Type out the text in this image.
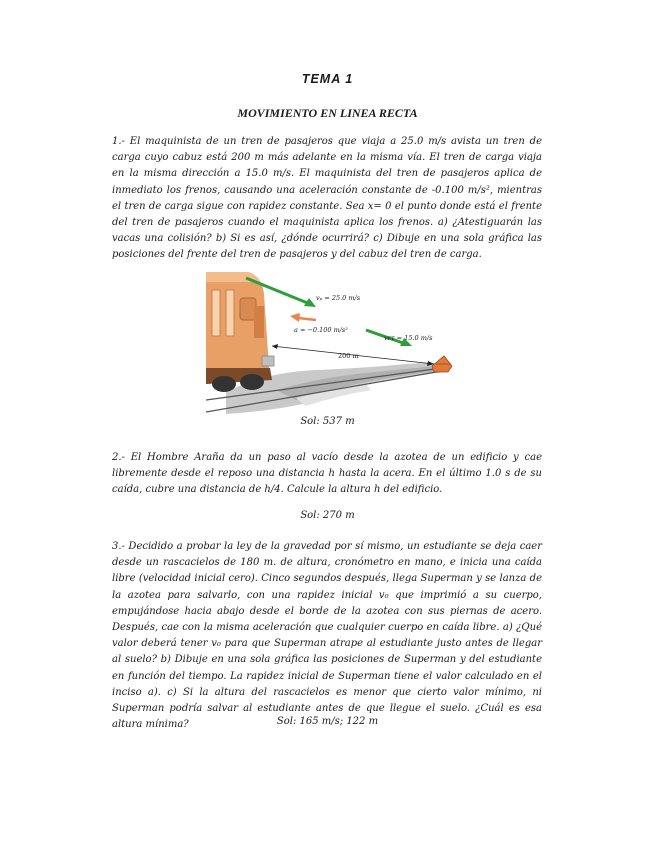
TEMA 1
MOVIMIENTO EN LINEA RECTA

1.- El maquinista de un tren de pasajeros que viaja a 25.0 m/s avista un tren de carga cuyo cabuz está 200 m más adelante en la misma vía. El tren de carga viaja en la misma dirección a 15.0 m/s. El maquinista del tren de pasajeros aplica de inmediato los frenos, causando una aceleración constante de -0.100 m/s², mientras el tren de carga sigue con rapidez constante. Sea x= 0 el punto donde está el frente del tren de pasajeros cuando el maquinista aplica los frenos. a) ¿Atestiguarán las vacas una colisión? b) Si es así, ¿dónde ocurrirá? c) Dibuje en una sola gráfica las posiciones del frente del tren de pasajeros y del cabuz del tren de carga.

vₚ = 25.0 m/s
a = −0.100 m/s²
vꜰᴛ = 15.0 m/s
200 m
Sol: 537 m

2.- El Hombre Araña da un paso al vacío desde la azotea de un edificio y cae libremente desde el reposo una distancia h hasta la acera. En el último 1.0 s de su caída, cubre una distancia de h/4. Calcule la altura h del edificio.

Sol: 270 m

3.- Decidido a probar la ley de la gravedad por sí mismo, un estudiante se deja caer desde un rascacielos de 180 m. de altura, cronómetro en mano, e inicia una caída libre (velocidad inicial cero). Cinco segundos después, llega Superman y se lanza de la azotea para salvarlo, con una rapidez inicial v₀ que imprimió a su cuerpo, empujándose hacia abajo desde el borde de la azotea con sus piernas de acero. Después, cae con la misma aceleración que cualquier cuerpo en caída libre. a) ¿Qué valor deberá tener v₀ para que Superman atrape al estudiante justo antes de llegar al suelo? b) Dibuje en una sola gráfica las posiciones de Superman y del estudiante en función del tiempo. La rapidez inicial de Superman tiene el valor calculado en el inciso a). c) Si la altura del rascacielos es menor que cierto valor mínimo, ni Superman podría salvar al estudiante antes de que llegue el suelo. ¿Cuál es esa altura mínima?	Sol: 165 m/s; 122 m
